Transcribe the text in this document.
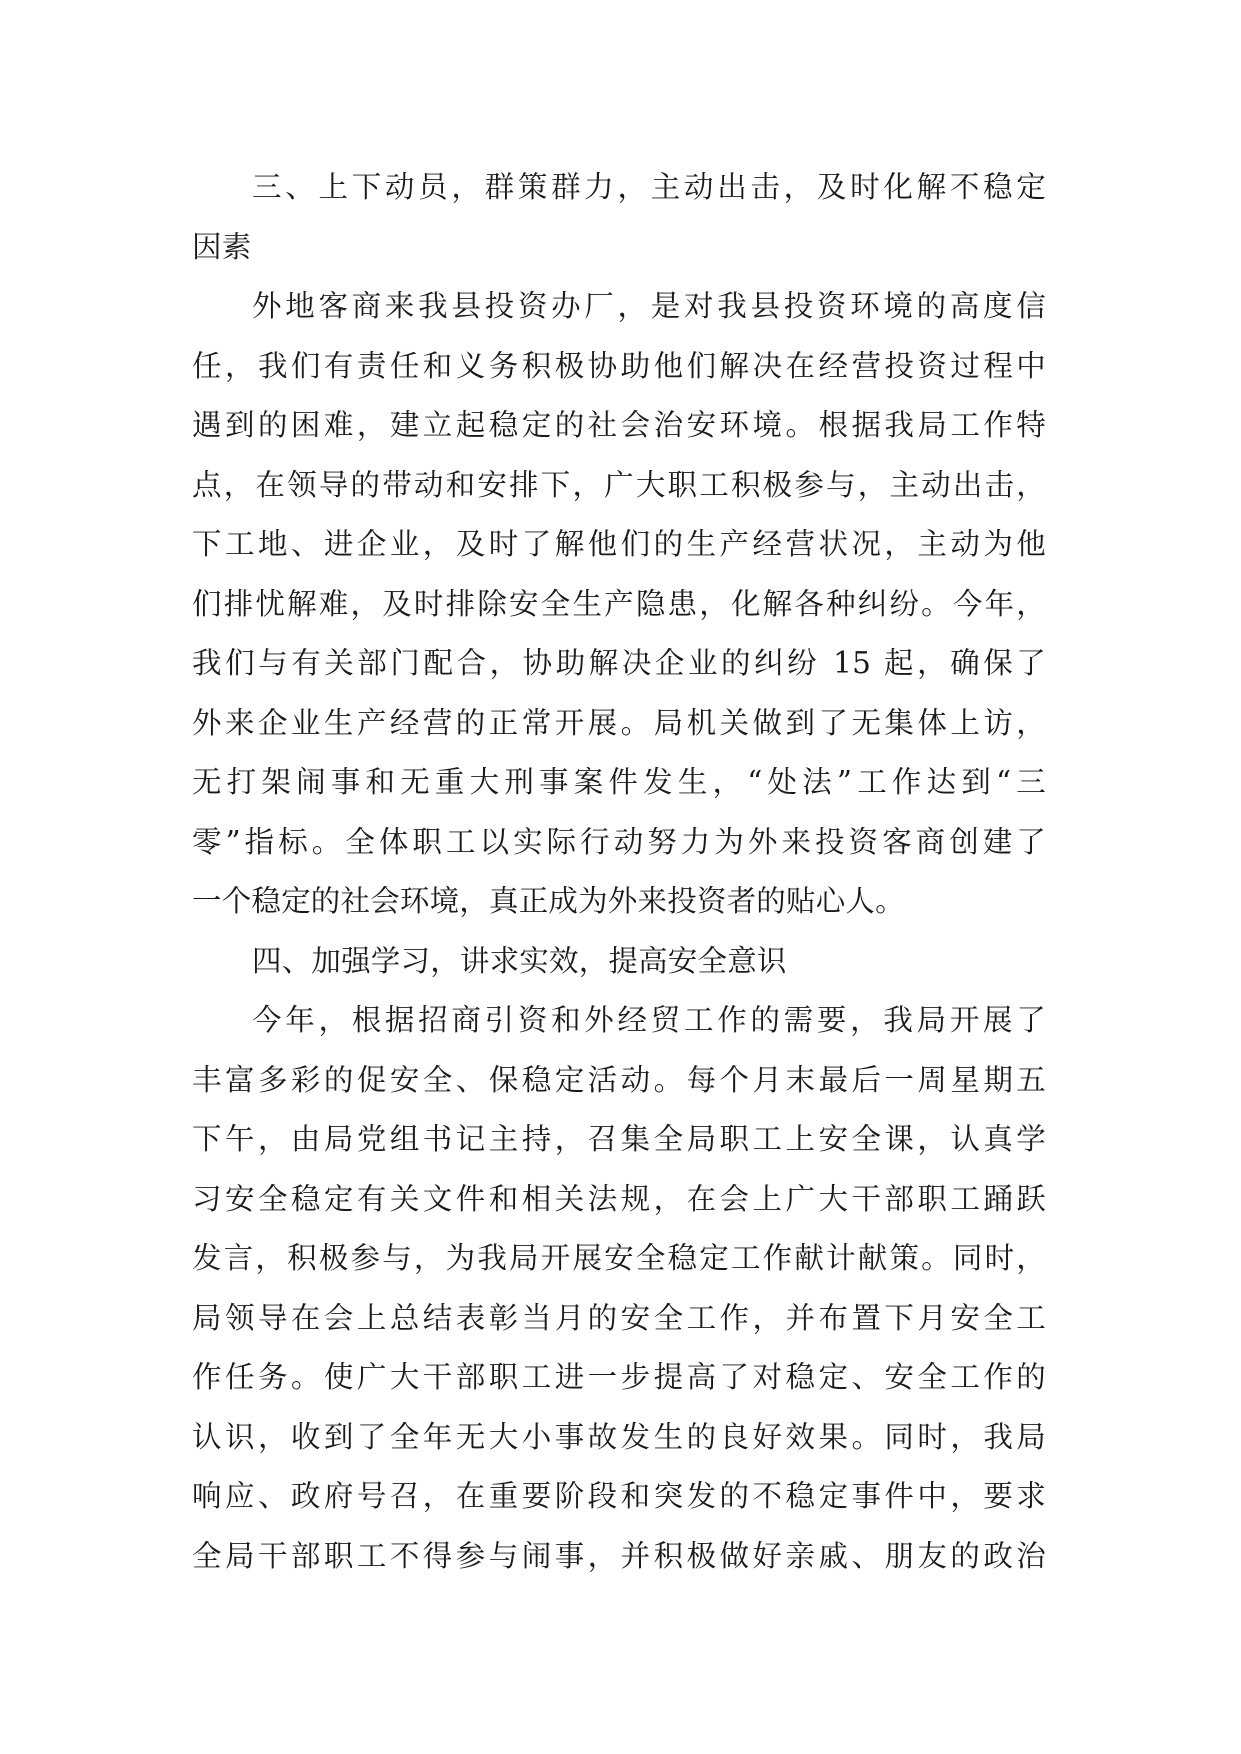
三、上下动员，群策群力，主动出击，及时化解不稳定
因素
外地客商来我县投资办厂，是对我县投资环境的高度信
任，我们有责任和义务积极协助他们解决在经营投资过程中
遇到的困难，建立起稳定的社会治安环境。根据我局工作特
点，在领导的带动和安排下，广大职工积极参与，主动出击，
下工地、进企业，及时了解他们的生产经营状况，主动为他
们排忧解难，及时排除安全生产隐患，化解各种纠纷。今年，
我们与有关部门配合，协助解决企业的纠纷 15 起，确保了
外来企业生产经营的正常开展。局机关做到了无集体上访，
无打架闹事和无重大刑事案件发生，“处法”工作达到“三
零”指标。全体职工以实际行动努力为外来投资客商创建了
一个稳定的社会环境，真正成为外来投资者的贴心人。
四、加强学习，讲求实效，提高安全意识
今年，根据招商引资和外经贸工作的需要，我局开展了
丰富多彩的促安全、保稳定活动。每个月末最后一周星期五
下午，由局党组书记主持，召集全局职工上安全课，认真学
习安全稳定有关文件和相关法规，在会上广大干部职工踊跃
发言，积极参与，为我局开展安全稳定工作献计献策。同时，
局领导在会上总结表彰当月的安全工作，并布置下月安全工
作任务。使广大干部职工进一步提高了对稳定、安全工作的
认识，收到了全年无大小事故发生的良好效果。同时，我局
响应、政府号召，在重要阶段和突发的不稳定事件中，要求
全局干部职工不得参与闹事，并积极做好亲戚、朋友的政治
